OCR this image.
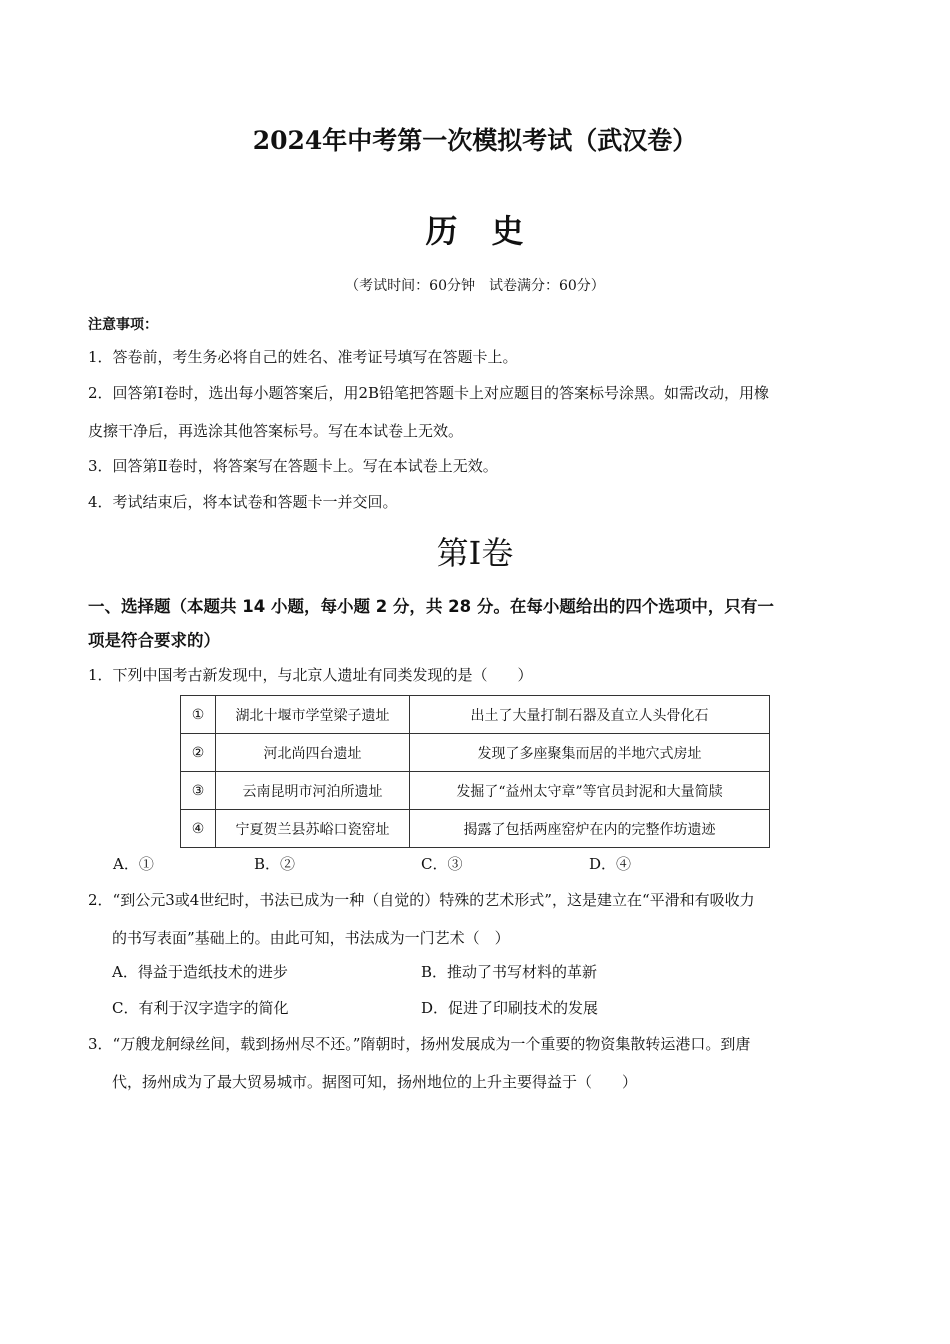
2024年中考第一次模拟考试（武汉卷）
历　史
（考试时间：60分钟　试卷满分：60分）
注意事项：
1．答卷前，考生务必将自己的姓名、准考证号填写在答题卡上。
2．回答第Ⅰ卷时，选出每小题答案后，用2B铅笔把答题卡上对应题目的答案标号涂黑。如需改动，用橡
皮擦干净后，再选涂其他答案标号。写在本试卷上无效。
3．回答第Ⅱ卷时，将答案写在答题卡上。写在本试卷上无效。
4．考试结束后，将本试卷和答题卡一并交回。
第Ⅰ卷
一、选择题（本题共 14 小题，每小题 2 分，共 28 分。在每小题给出的四个选项中，只有一
项是符合要求的）
1．下列中国考古新发现中，与北京人遗址有同类发现的是（　　）
①	湖北十堰市学堂梁子遗址	出土了大量打制石器及直立人头骨化石
②	河北尚四台遗址	发现了多座聚集而居的半地穴式房址
③	云南昆明市河泊所遗址	发掘了“益州太守章”等官员封泥和大量简牍
④	宁夏贺兰县苏峪口瓷窑址	揭露了包括两座窑炉在内的完整作坊遗迹
A．①	B．②	C．③	D．④
2．“到公元3或4世纪时，书法已成为一种（自觉的）特殊的艺术形式”，这是建立在“平滑和有吸收力
的书写表面”基础上的。由此可知，书法成为一门艺术（　）
A．得益于造纸技术的进步	B．推动了书写材料的革新
C．有利于汉字造字的简化	D．促进了印刷技术的发展
3．“万艘龙舸绿丝间，载到扬州尽不还。”隋朝时，扬州发展成为一个重要的物资集散转运港口。到唐
代，扬州成为了最大贸易城市。据图可知，扬州地位的上升主要得益于（　　）
